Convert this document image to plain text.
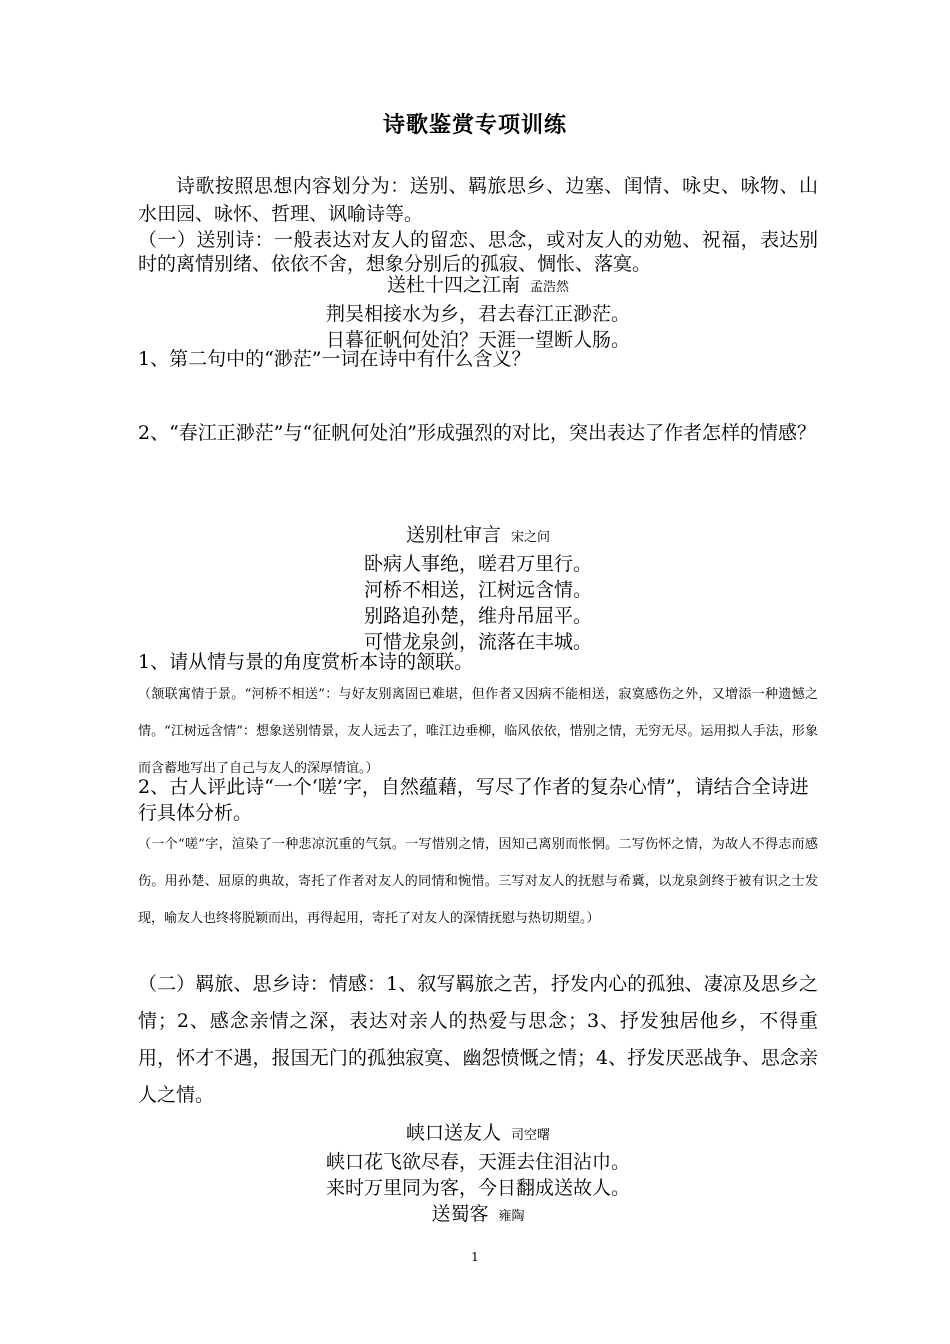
诗歌鉴赏专项训练

诗歌按照思想内容划分为：送别、羁旅思乡、边塞、闺情、咏史、咏物、山水田园、咏怀、哲理、讽喻诗等。

（一）送别诗：一般表达对友人的留恋、思念，或对友人的劝勉、祝福，表达别时的离情别绪、依依不舍，想象分别后的孤寂、惆怅、落寞。

送杜十四之江南 孟浩然

荆吴相接水为乡，君去春江正渺茫。

日暮征帆何处泊？天涯一望断人肠。

1、第二句中的“渺茫”一词在诗中有什么含义？

2、“春江正渺茫”与“征帆何处泊”形成强烈的对比，突出表达了作者怎样的情感？

送别杜审言 宋之问

卧病人事绝，嗟君万里行。

河桥不相送，江树远含情。

别路追孙楚，维舟吊屈平。

可惜龙泉剑，流落在丰城。

1、请从情与景的角度赏析本诗的颔联。

（颔联寓情于景。“河桥不相送”：与好友别离固已难堪，但作者又因病不能相送，寂寞感伤之外，又增添一种遗憾之情。“江树远含情”：想象送别情景，友人远去了，唯江边垂柳，临风依依，惜别之情，无穷无尽。运用拟人手法，形象而含蓄地写出了自己与友人的深厚情谊。）

2、古人评此诗“一个‘嗟’字，自然蕴藉，写尽了作者的复杂心情”，请结合全诗进行具体分析。

（一个“嗟”字，渲染了一种悲凉沉重的气氛。一写惜别之情，因知己离别而怅惘。二写伤怀之情，为故人不得志而感伤。用孙楚、屈原的典故，寄托了作者对友人的同情和惋惜。三写对友人的抚慰与希冀，以龙泉剑终于被有识之士发现，喻友人也终将脱颖而出，再得起用，寄托了对友人的深情抚慰与热切期望。）

（二）羁旅、思乡诗：情感：1、叙写羁旅之苦，抒发内心的孤独、凄凉及思乡之情；2、感念亲情之深，表达对亲人的热爱与思念；3、抒发独居他乡，不得重用，怀才不遇，报国无门的孤独寂寞、幽怨愤慨之情；4、抒发厌恶战争、思念亲人之情。

峡口送友人 司空曙

峡口花飞欲尽春，天涯去住泪沾巾。

来时万里同为客，今日翻成送故人。

送蜀客 雍陶
1
